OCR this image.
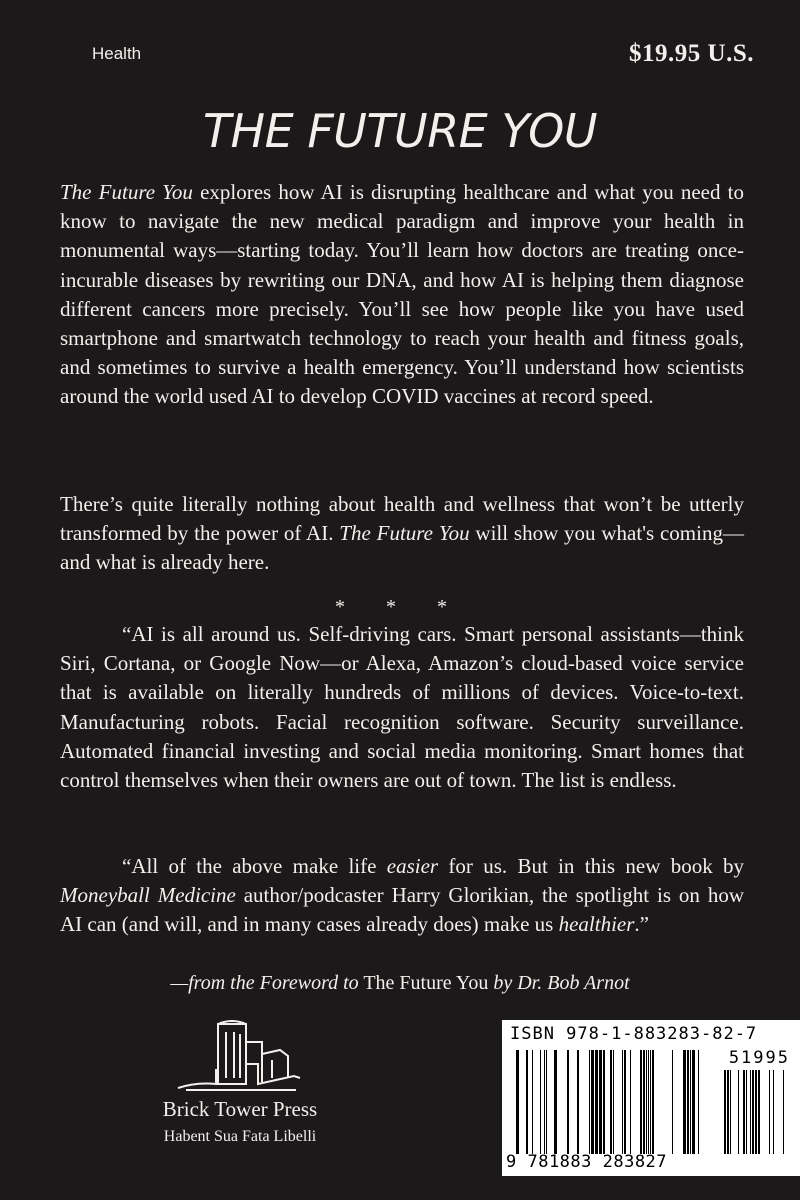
Health	$19.95 U.S.
THE FUTURE YOU
The Future You explores how AI is disrupting healthcare and what you need to know to navigate the new medical paradigm and improve your health in monumental ways—starting today. You’ll learn how doctors are treating once-incurable diseases by rewriting our DNA, and how AI is helping them diagnose different cancers more precisely. You’ll see how people like you have used smartphone and smartwatch technology to reach your health and fitness goals, and sometimes to survive a health emergency. You’ll understand how scientists around the world used AI to develop COVID vaccines at record speed.
There’s quite literally nothing about health and wellness that won’t be utterly transformed by the power of AI. The Future You will show you what's coming—and what is already here.
* * *
“AI is all around us. Self-driving cars. Smart personal assistants—think Siri, Cortana, or Google Now—or Alexa, Amazon’s cloud-based voice service that is available on literally hundreds of millions of devices. Voice-to-text. Manufacturing robots. Facial recognition software. Security surveillance. Automated financial investing and social media monitoring. Smart homes that control themselves when their owners are out of town. The list is endless.
“All of the above make life easier for us. But in this new book by Moneyball Medicine author/podcaster Harry Glorikian, the spotlight is on how AI can (and will, and in many cases already does) make us healthier.”
—from the Foreword to The Future You by Dr. Bob Arnot
Brick Tower Press
Habent Sua Fata Libelli
ISBN 978-1-883283-82-7
51995
9 781883 283827
